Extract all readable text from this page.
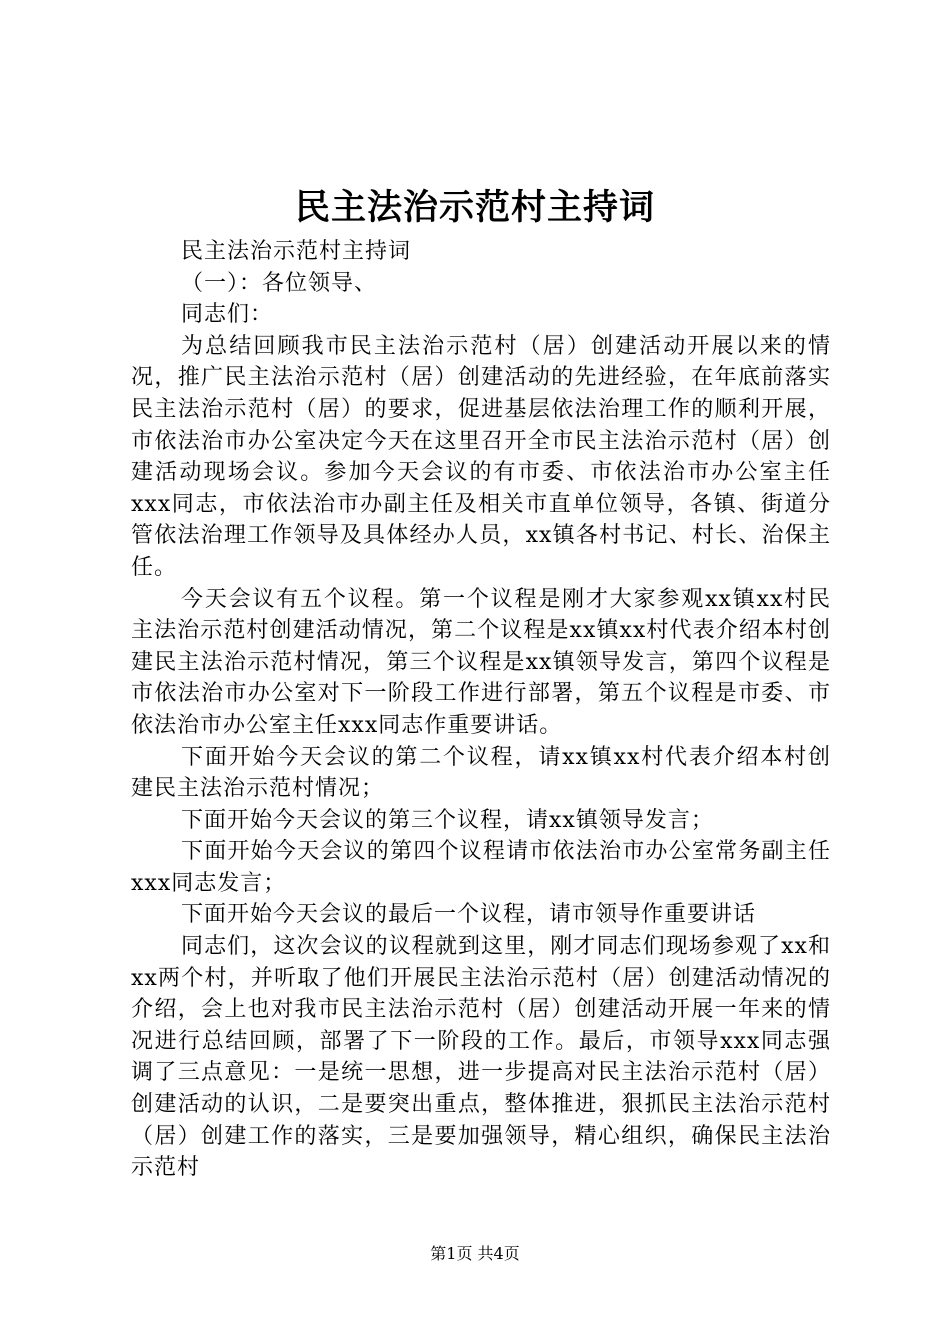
民主法治示范村主持词

民主法治示范村主持词

（一）：各位领导、

同志们：

为总结回顾我市民主法治示范村（居）创建活动开展以来的情况，推广民主法治示范村（居）创建活动的先进经验，在年底前落实民主法治示范村（居）的要求，促进基层依法治理工作的顺利开展，市依法治市办公室决定今天在这里召开全市民主法治示范村（居）创建活动现场会议。参加今天会议的有市委、市依法治市办公室主任xxx同志，市依法治市办副主任及相关市直单位领导，各镇、街道分管依法治理工作领导及具体经办人员，xx镇各村书记、村长、治保主任。

今天会议有五个议程。第一个议程是刚才大家参观xx镇xx村民主法治示范村创建活动情况，第二个议程是xx镇xx村代表介绍本村创建民主法治示范村情况，第三个议程是xx镇领导发言，第四个议程是市依法治市办公室对下一阶段工作进行部署，第五个议程是市委、市依法治市办公室主任xxx同志作重要讲话。

下面开始今天会议的第二个议程，请xx镇xx村代表介绍本村创建民主法治示范村情况；

下面开始今天会议的第三个议程，请xx镇领导发言；

下面开始今天会议的第四个议程请市依法治市办公室常务副主任xxx同志发言；

下面开始今天会议的最后一个议程，请市领导作重要讲话

同志们，这次会议的议程就到这里，刚才同志们现场参观了xx和xx两个村，并听取了他们开展民主法治示范村（居）创建活动情况的介绍，会上也对我市民主法治示范村（居）创建活动开展一年来的情况进行总结回顾，部署了下一阶段的工作。最后，市领导xxx同志强调了三点意见：一是统一思想，进一步提高对民主法治示范村（居）创建活动的认识，二是要突出重点，整体推进，狠抓民主法治示范村（居）创建工作的落实，三是要加强领导，精心组织，确保民主法治示范村

第1页 共4页
